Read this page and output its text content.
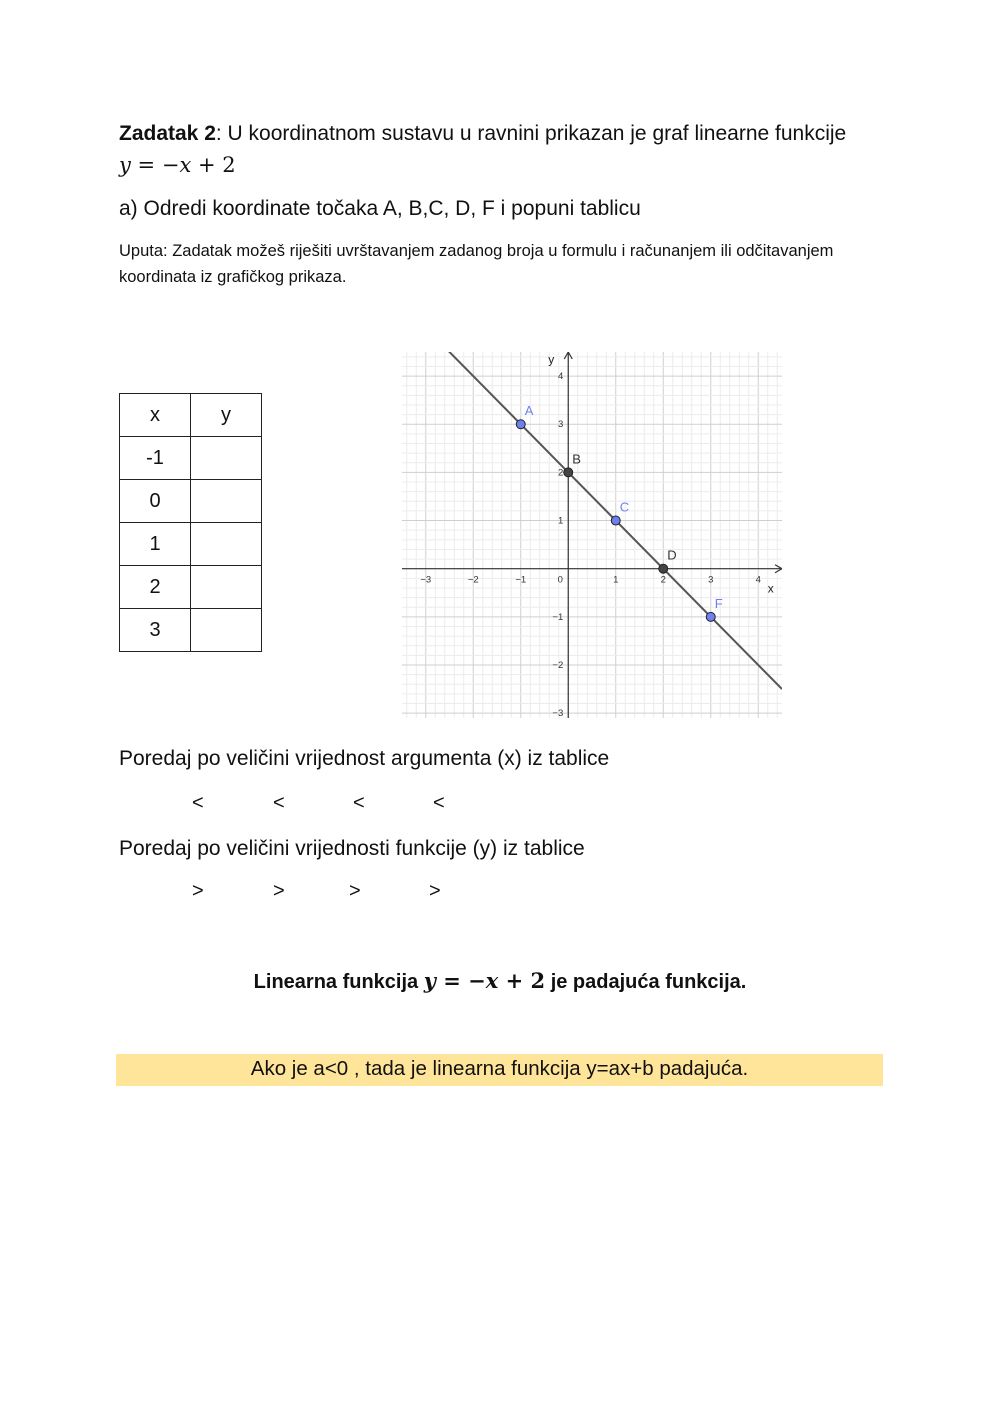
Zadatak 2: U koordinatnom sustavu u ravnini prikazan je graf linearne funkcije
y = −x + 2
a) Odredi koordinate točaka A, B,C, D, F i popuni tablicu
Uputa: Zadatak možeš riješiti uvrštavanjem zadanog broja u formulu i računanjem ili odčitavanjem koordinata iz grafičkog prikaza.
x	y
-1	
0	
1	
2	
3	
−3	−2	−1	0	1	2	3	4
−3
−2
−1
1
2
3
4
x
y
A
B
C
D
F
Poredaj po veličini vrijednost argumenta (x) iz tablice
<	<	<	<
Poredaj po veličini vrijednosti funkcije (y) iz tablice
>	>	>	>
Linearna funkcija y = −x + 2 je padajuća funkcija.
Ako je a<0 , tada je linearna funkcija y=ax+b padajuća.
